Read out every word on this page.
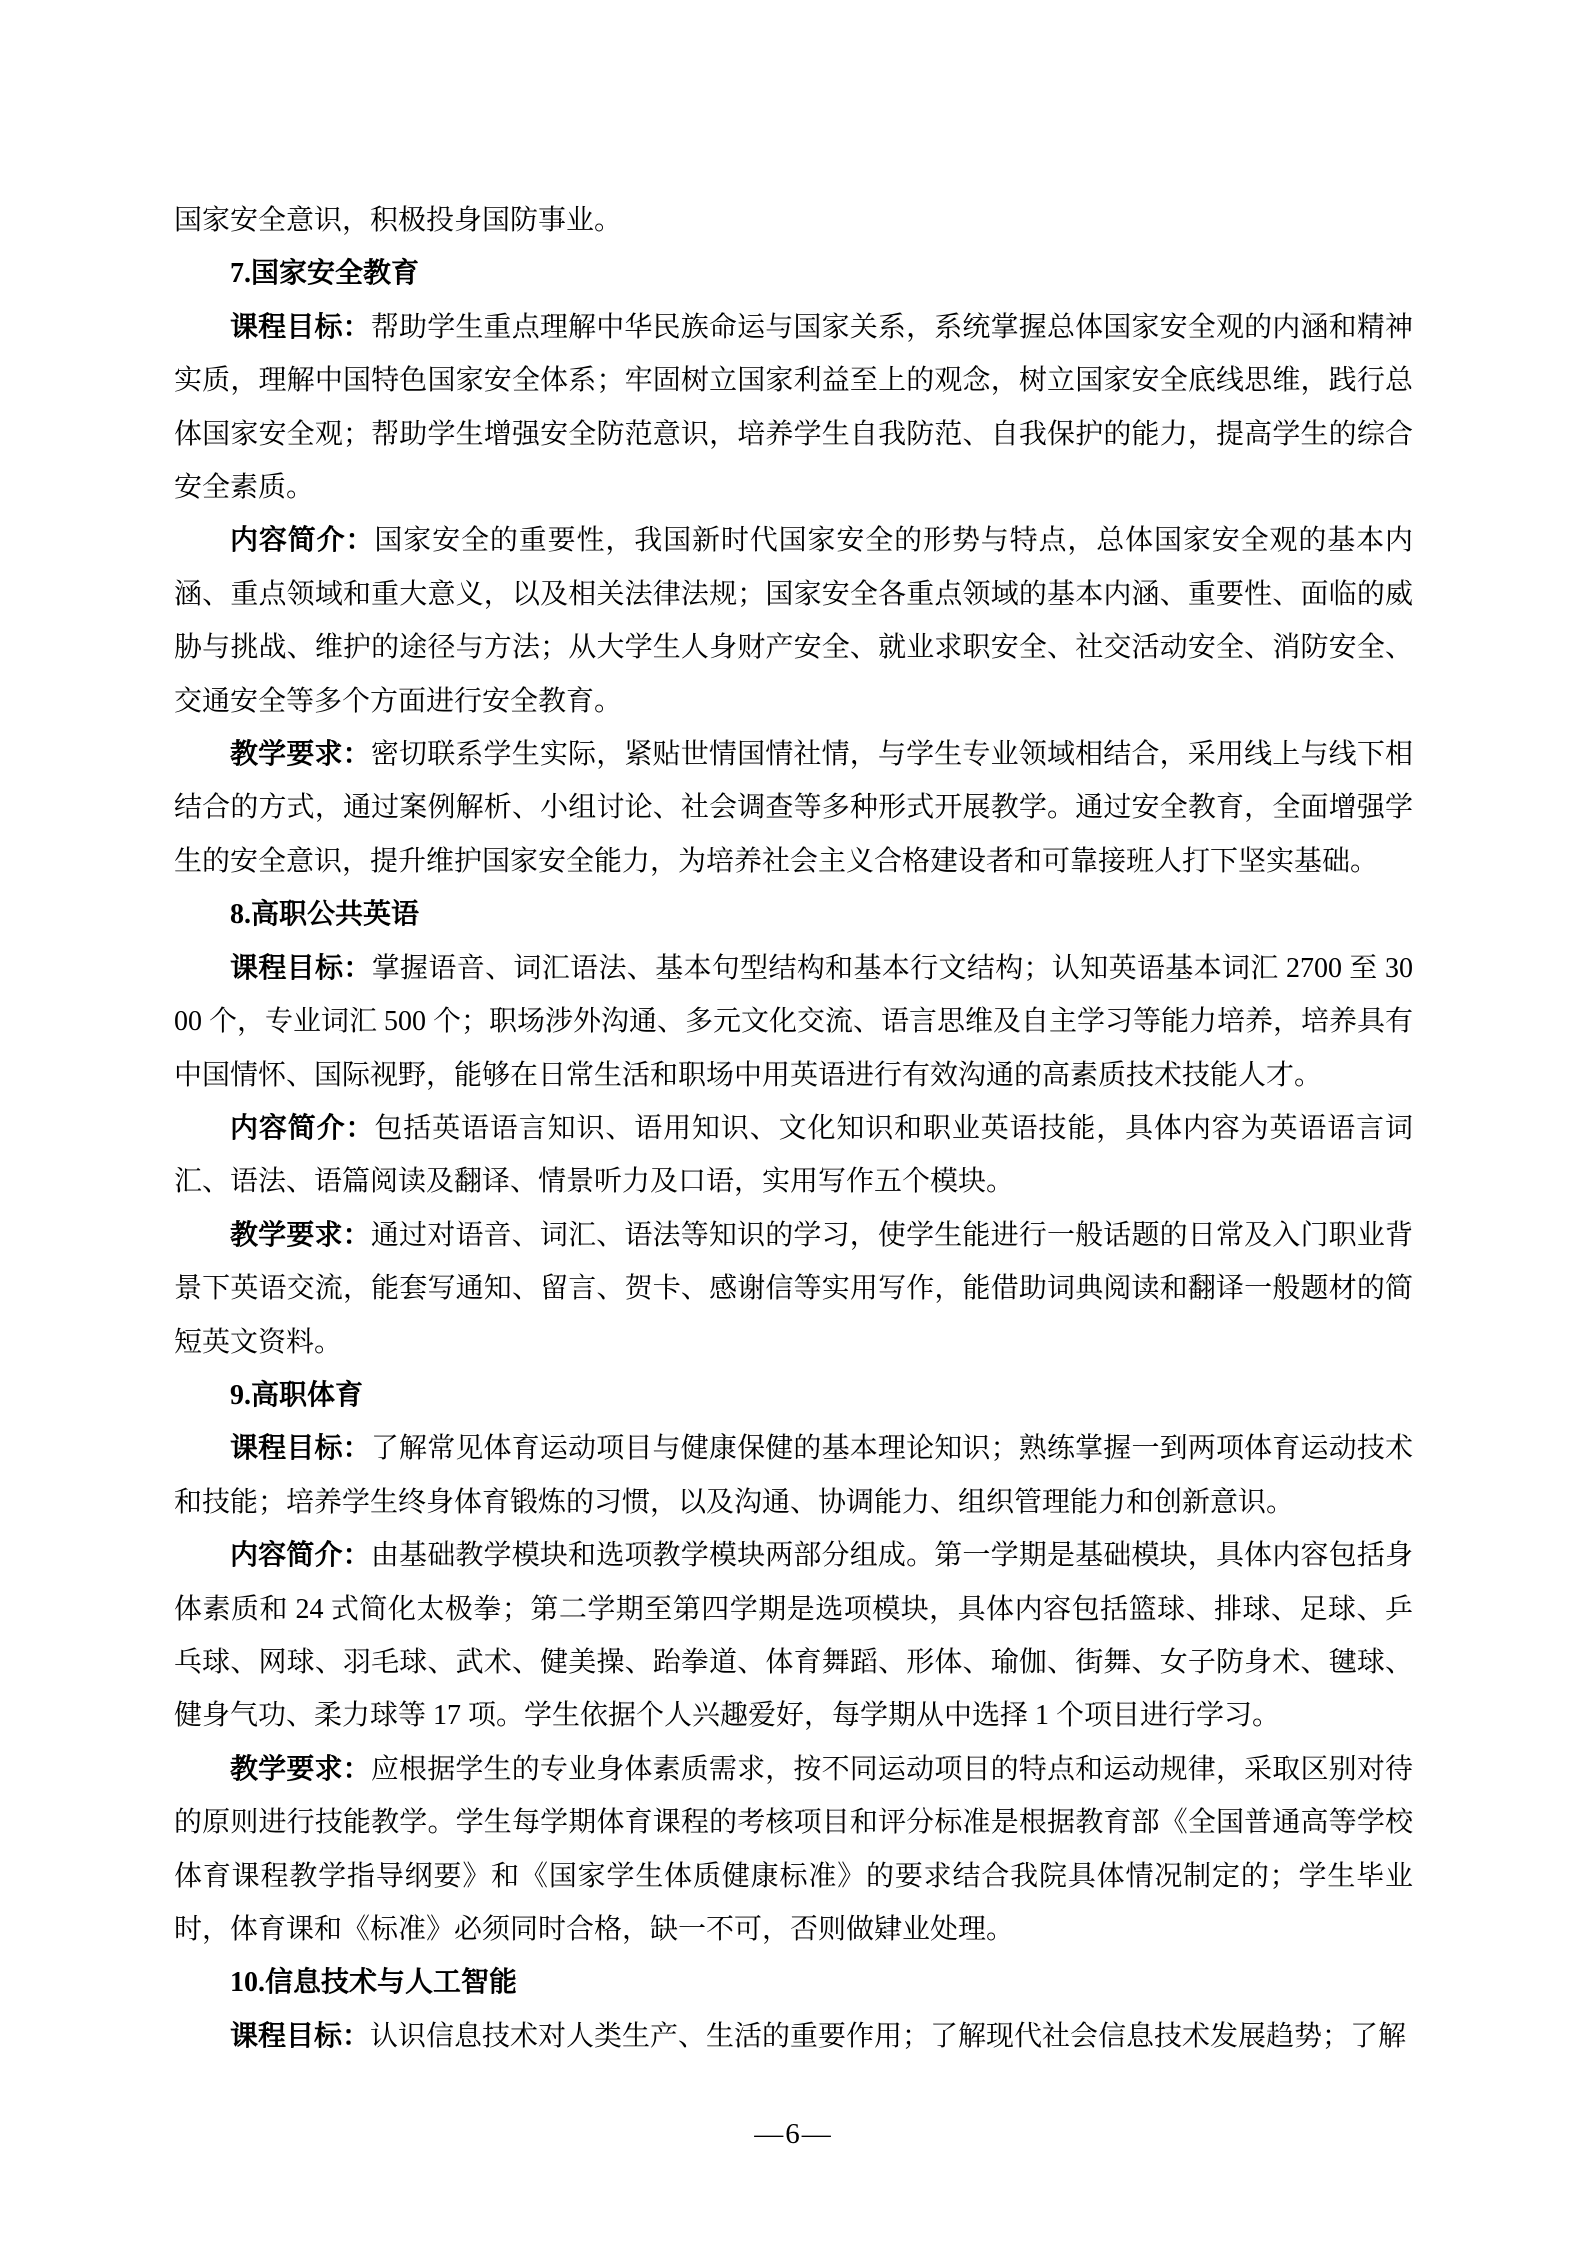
国家安全意识，积极投身国防事业。

7.国家安全教育

课程目标：帮助学生重点理解中华民族命运与国家关系，系统掌握总体国家安全观的内涵和精神实质，理解中国特色国家安全体系；牢固树立国家利益至上的观念，树立国家安全底线思维，践行总体国家安全观；帮助学生增强安全防范意识，培养学生自我防范、自我保护的能力，提高学生的综合安全素质。

内容简介：国家安全的重要性，我国新时代国家安全的形势与特点，总体国家安全观的基本内涵、重点领域和重大意义，以及相关法律法规；国家安全各重点领域的基本内涵、重要性、面临的威胁与挑战、维护的途径与方法；从大学生人身财产安全、就业求职安全、社交活动安全、消防安全、交通安全等多个方面进行安全教育。

教学要求：密切联系学生实际，紧贴世情国情社情，与学生专业领域相结合，采用线上与线下相结合的方式，通过案例解析、小组讨论、社会调查等多种形式开展教学。通过安全教育，全面增强学生的安全意识，提升维护国家安全能力，为培养社会主义合格建设者和可靠接班人打下坚实基础。

8.高职公共英语

课程目标：掌握语音、词汇语法、基本句型结构和基本行文结构；认知英语基本词汇 2700 至 3000 个，专业词汇 500 个；职场涉外沟通、多元文化交流、语言思维及自主学习等能力培养，培养具有中国情怀、国际视野，能够在日常生活和职场中用英语进行有效沟通的高素质技术技能人才。

内容简介：包括英语语言知识、语用知识、文化知识和职业英语技能，具体内容为英语语言词汇、语法、语篇阅读及翻译、情景听力及口语，实用写作五个模块。

教学要求：通过对语音、词汇、语法等知识的学习，使学生能进行一般话题的日常及入门职业背景下英语交流，能套写通知、留言、贺卡、感谢信等实用写作，能借助词典阅读和翻译一般题材的简短英文资料。

9.高职体育

课程目标：了解常见体育运动项目与健康保健的基本理论知识；熟练掌握一到两项体育运动技术和技能；培养学生终身体育锻炼的习惯，以及沟通、协调能力、组织管理能力和创新意识。

内容简介：由基础教学模块和选项教学模块两部分组成。第一学期是基础模块，具体内容包括身体素质和 24 式简化太极拳；第二学期至第四学期是选项模块，具体内容包括篮球、排球、足球、乒乓球、网球、羽毛球、武术、健美操、跆拳道、体育舞蹈、形体、瑜伽、街舞、女子防身术、毽球、健身气功、柔力球等 17 项。学生依据个人兴趣爱好，每学期从中选择 1 个项目进行学习。

教学要求：应根据学生的专业身体素质需求，按不同运动项目的特点和运动规律，采取区别对待的原则进行技能教学。学生每学期体育课程的考核项目和评分标准是根据教育部《全国普通高等学校体育课程教学指导纲要》和《国家学生体质健康标准》的要求结合我院具体情况制定的；学生毕业时，体育课和《标准》必须同时合格，缺一不可，否则做肄业处理。

10.信息技术与人工智能

课程目标：认识信息技术对人类生产、生活的重要作用；了解现代社会信息技术发展趋势；了解

—6—
